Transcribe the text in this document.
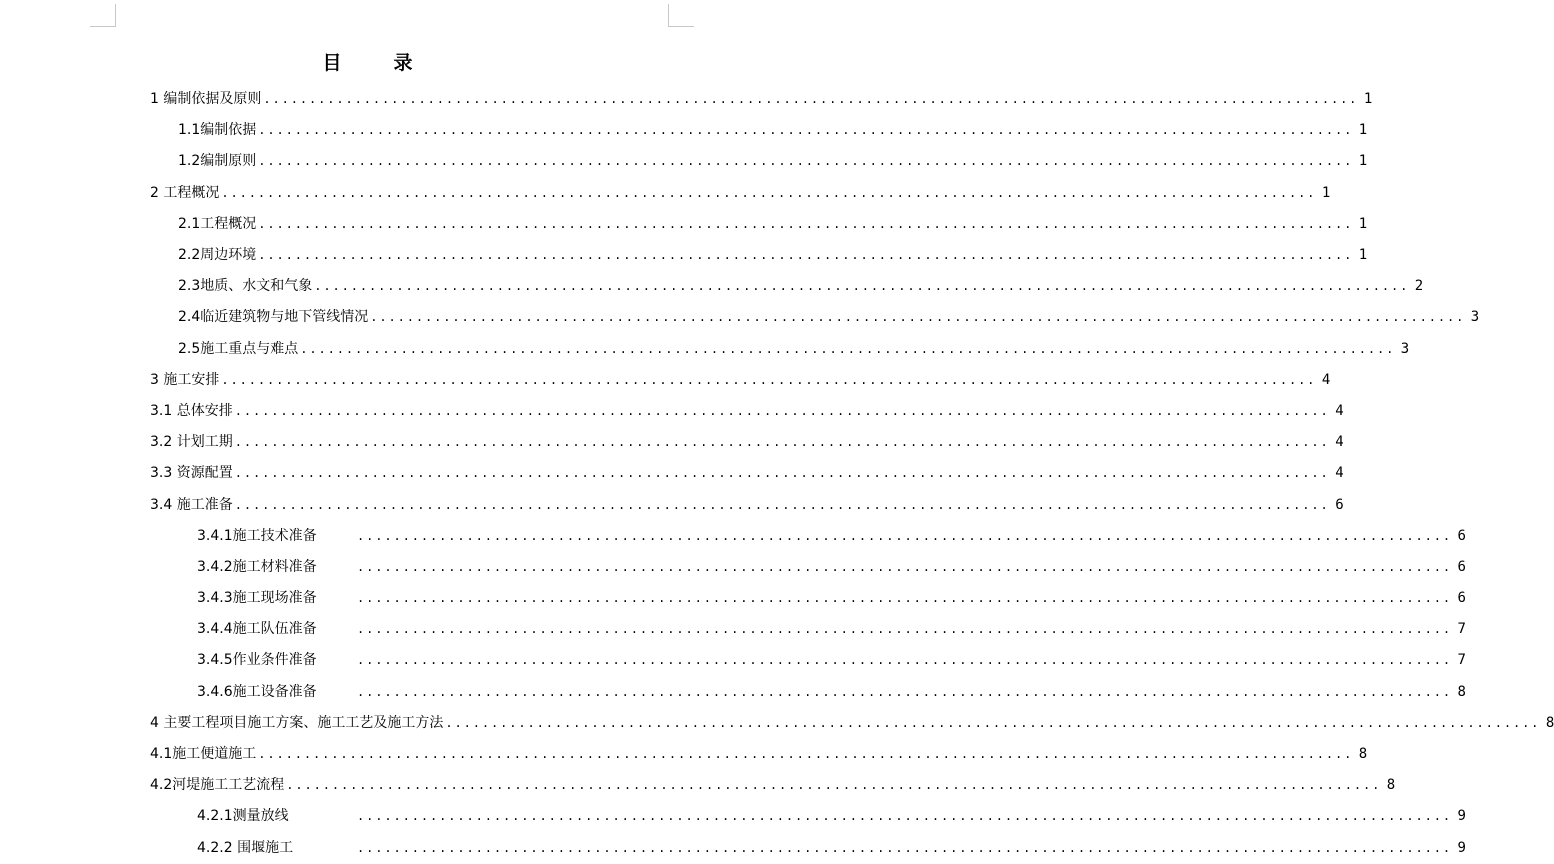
目	录
1 编制依据及原则 ........................................................................................................................ 1
1.1编制依据 ........................................................................................................................ 1
1.2编制原则 ........................................................................................................................ 1
2 工程概况 ........................................................................................................................ 1
2.1工程概况 ........................................................................................................................ 1
2.2周边环境 ........................................................................................................................ 1
2.3地质、水文和气象 ........................................................................................................................ 2
2.4临近建筑物与地下管线情况 ........................................................................................................................ 3
2.5施工重点与难点 ........................................................................................................................ 3
3 施工安排 ........................................................................................................................ 4
3.1 总体安排 ........................................................................................................................ 4
3.2 计划工期 ........................................................................................................................ 4
3.3 资源配置 ........................................................................................................................ 4
3.4 施工准备 ........................................................................................................................ 6
3.4.1施工技术准备	........................................................................................................................ 6
3.4.2施工材料准备	........................................................................................................................ 6
3.4.3施工现场准备	........................................................................................................................ 6
3.4.4施工队伍准备	........................................................................................................................ 7
3.4.5作业条件准备	........................................................................................................................ 7
3.4.6施工设备准备	........................................................................................................................ 8
4 主要工程项目施工方案、施工工艺及施工方法 ........................................................................................................................ 8
4.1施工便道施工 ........................................................................................................................ 8
4.2河堤施工工艺流程 ........................................................................................................................ 8
4.2.1测量放线	........................................................................................................................ 9
4.2.2 围堰施工	........................................................................................................................ 9
